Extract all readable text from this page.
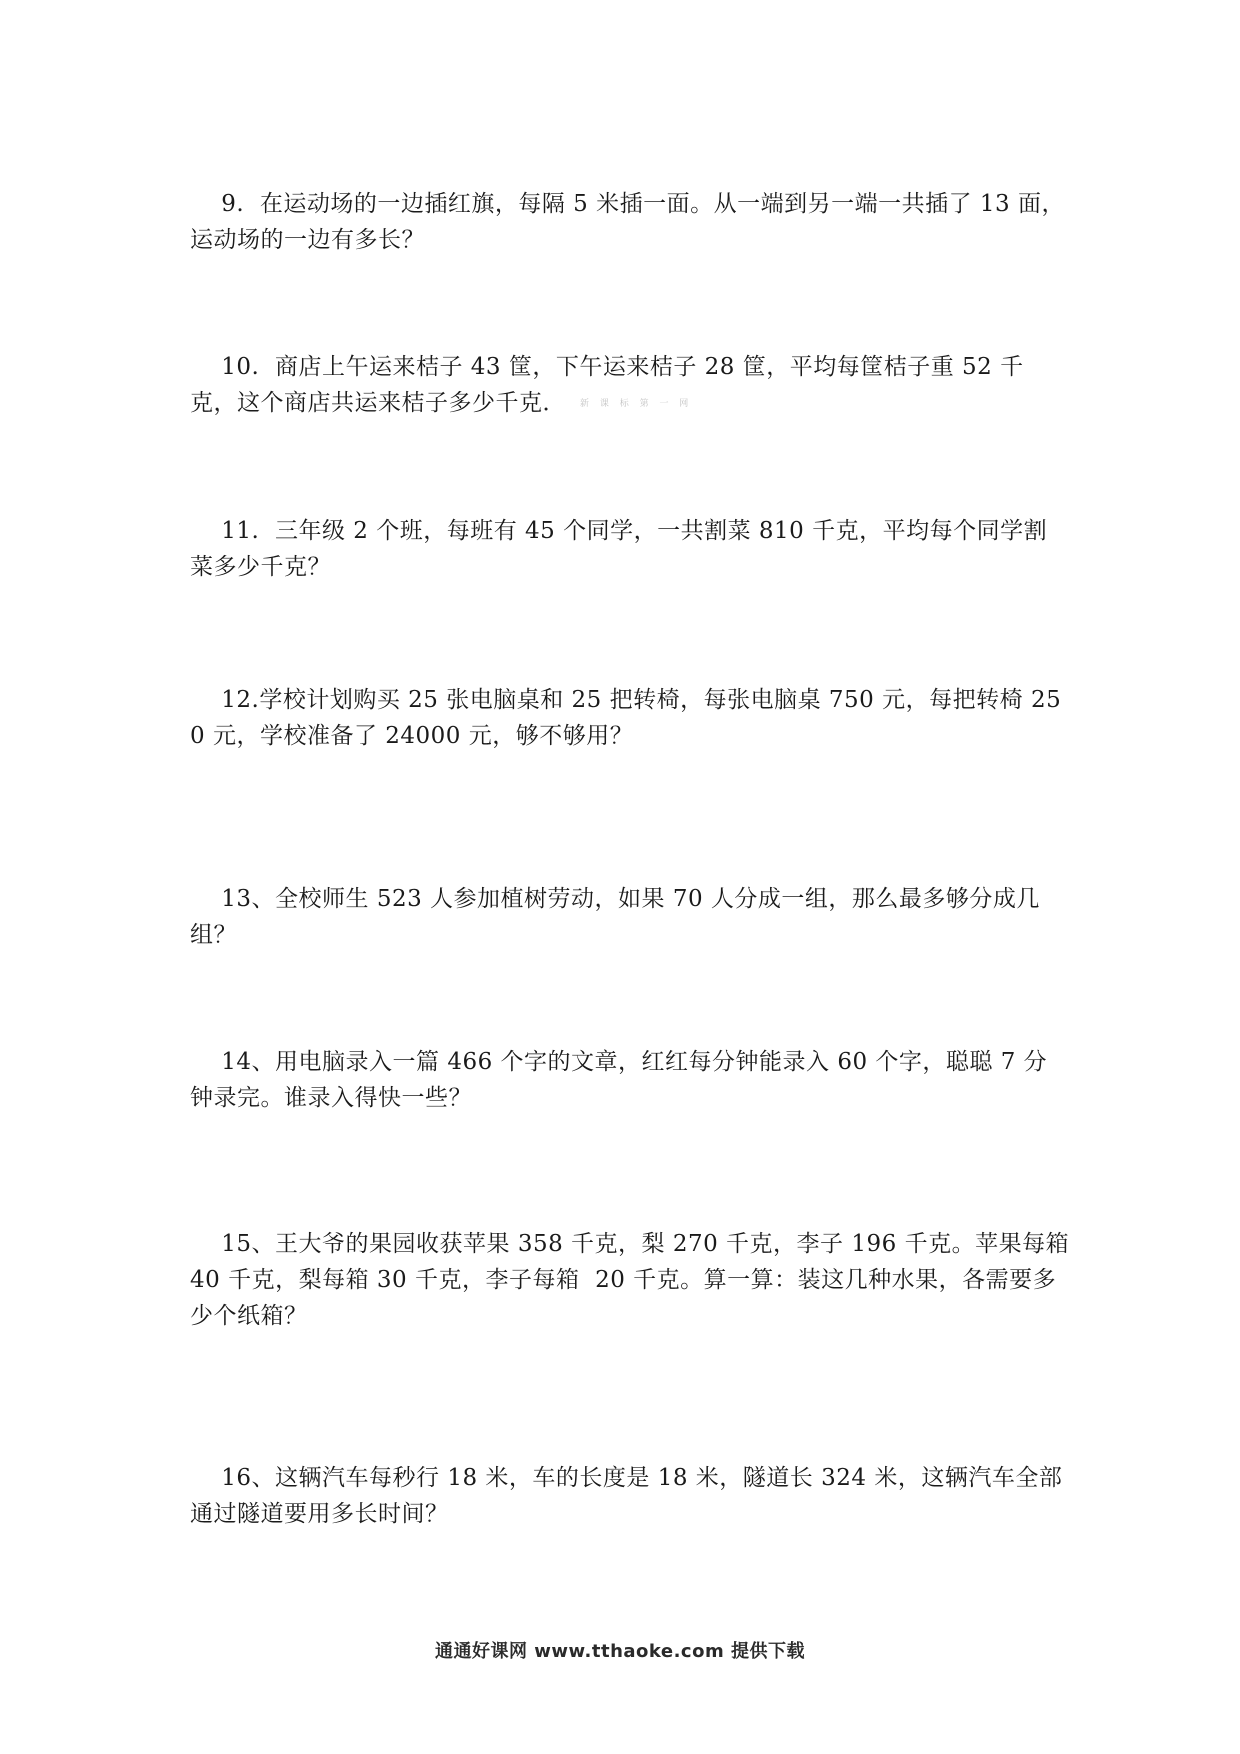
9.  在运动场的一边插红旗，每隔 5 米插一面。从一端到另一端一共插了 13 面，运动场的一边有多长？

10.  商店上午运来桔子 43 筐，下午运来桔子 28 筐，平均每筐桔子重 52 千克，这个商店共运来桔子多少千克． 新 课 标 第 一 网

11.  三年级 2 个班，每班有 45 个同学，一共割菜 810 千克，平均每个同学割菜多少千克？

12.学校计划购买 25 张电脑桌和 25 把转椅，每张电脑桌 750 元，每把转椅 250 元，学校准备了 24000 元，够不够用？

13、全校师生 523 人参加植树劳动，如果 70 人分成一组，那么最多够分成几组？

14、用电脑录入一篇 466 个字的文章，红红每分钟能录入 60 个字，聪聪 7 分钟录完。谁录入得快一些？

15、王大爷的果园收获苹果 358 千克，梨 270 千克，李子 196 千克。苹果每箱 40 千克，梨每箱 30 千克，李子每箱  20 千克。算一算：装这几种水果，各需要多少个纸箱？

16、这辆汽车每秒行 18 米，车的长度是 18 米，隧道长 324 米，这辆汽车全部通过隧道要用多长时间？

通通好课网 www.tthaoke.com 提供下载
